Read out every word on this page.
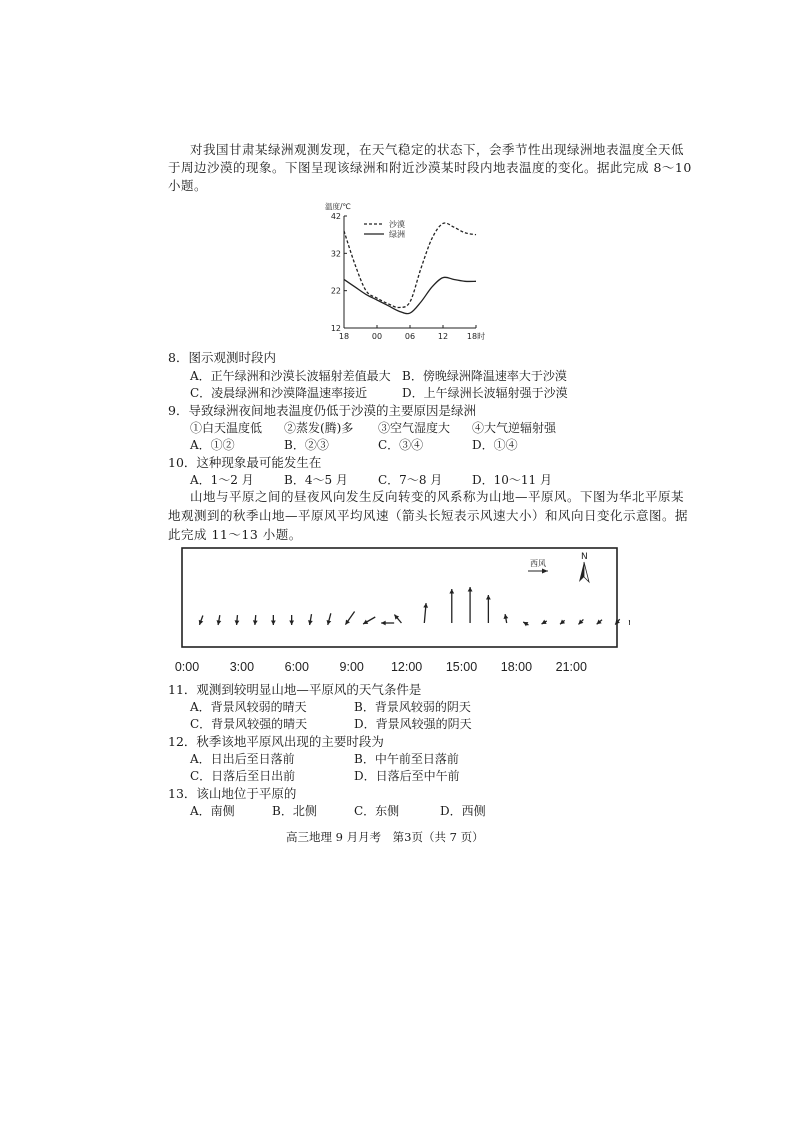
对我国甘肃某绿洲观测发现，在天气稳定的状态下，会季节性出现绿洲地表温度全天低
于周边沙漠的现象。下图呈现该绿洲和附近沙漠某时段内地表温度的变化。据此完成 8～10
小题。
温度/℃
42
32
22
12
18	00	06	12 18时
沙漠
绿洲
8．图示观测时段内
A．正午绿洲和沙漠长波辐射差值最大 B．傍晚绿洲降温速率大于沙漠
C．凌晨绿洲和沙漠降温速率接近	D．上午绿洲长波辐射强于沙漠
9．导致绿洲夜间地表温度仍低于沙漠的主要原因是绿洲
①白天温度低 ②蒸发(腾)多 ③空气湿度大 ④大气逆辐射强
A．①②	B．②③	C．③④	D．①④
10．这种现象最可能发生在
A．1～2 月	B．4～5 月	C．7～8 月 D．10～11 月
山地与平原之间的昼夜风向发生反向转变的风系称为山地—平原风。下图为华北平原某
地观测到的秋季山地—平原风平均风速（箭头长短表示风速大小）和风向日变化示意图。据
此完成 11～13 小题。
西风
N
0:00 3:00 6:00 9:00 12:00 15:00 18:00 21:00
11．观测到较明显山地—平原风的天气条件是
A．背景风较弱的晴天	B．背景风较弱的阴天
C．背景风较强的晴天	D．背景风较强的阴天
12．秋季该地平原风出现的主要时段为
A．日出后至日落前	B．中午前至日落前
C．日落后至日出前	D．日落后至中午前
13．该山地位于平原的
A．南侧	B．北侧	C．东侧	D．西侧
高三地理 9 月月考　第3页（共 7 页）
